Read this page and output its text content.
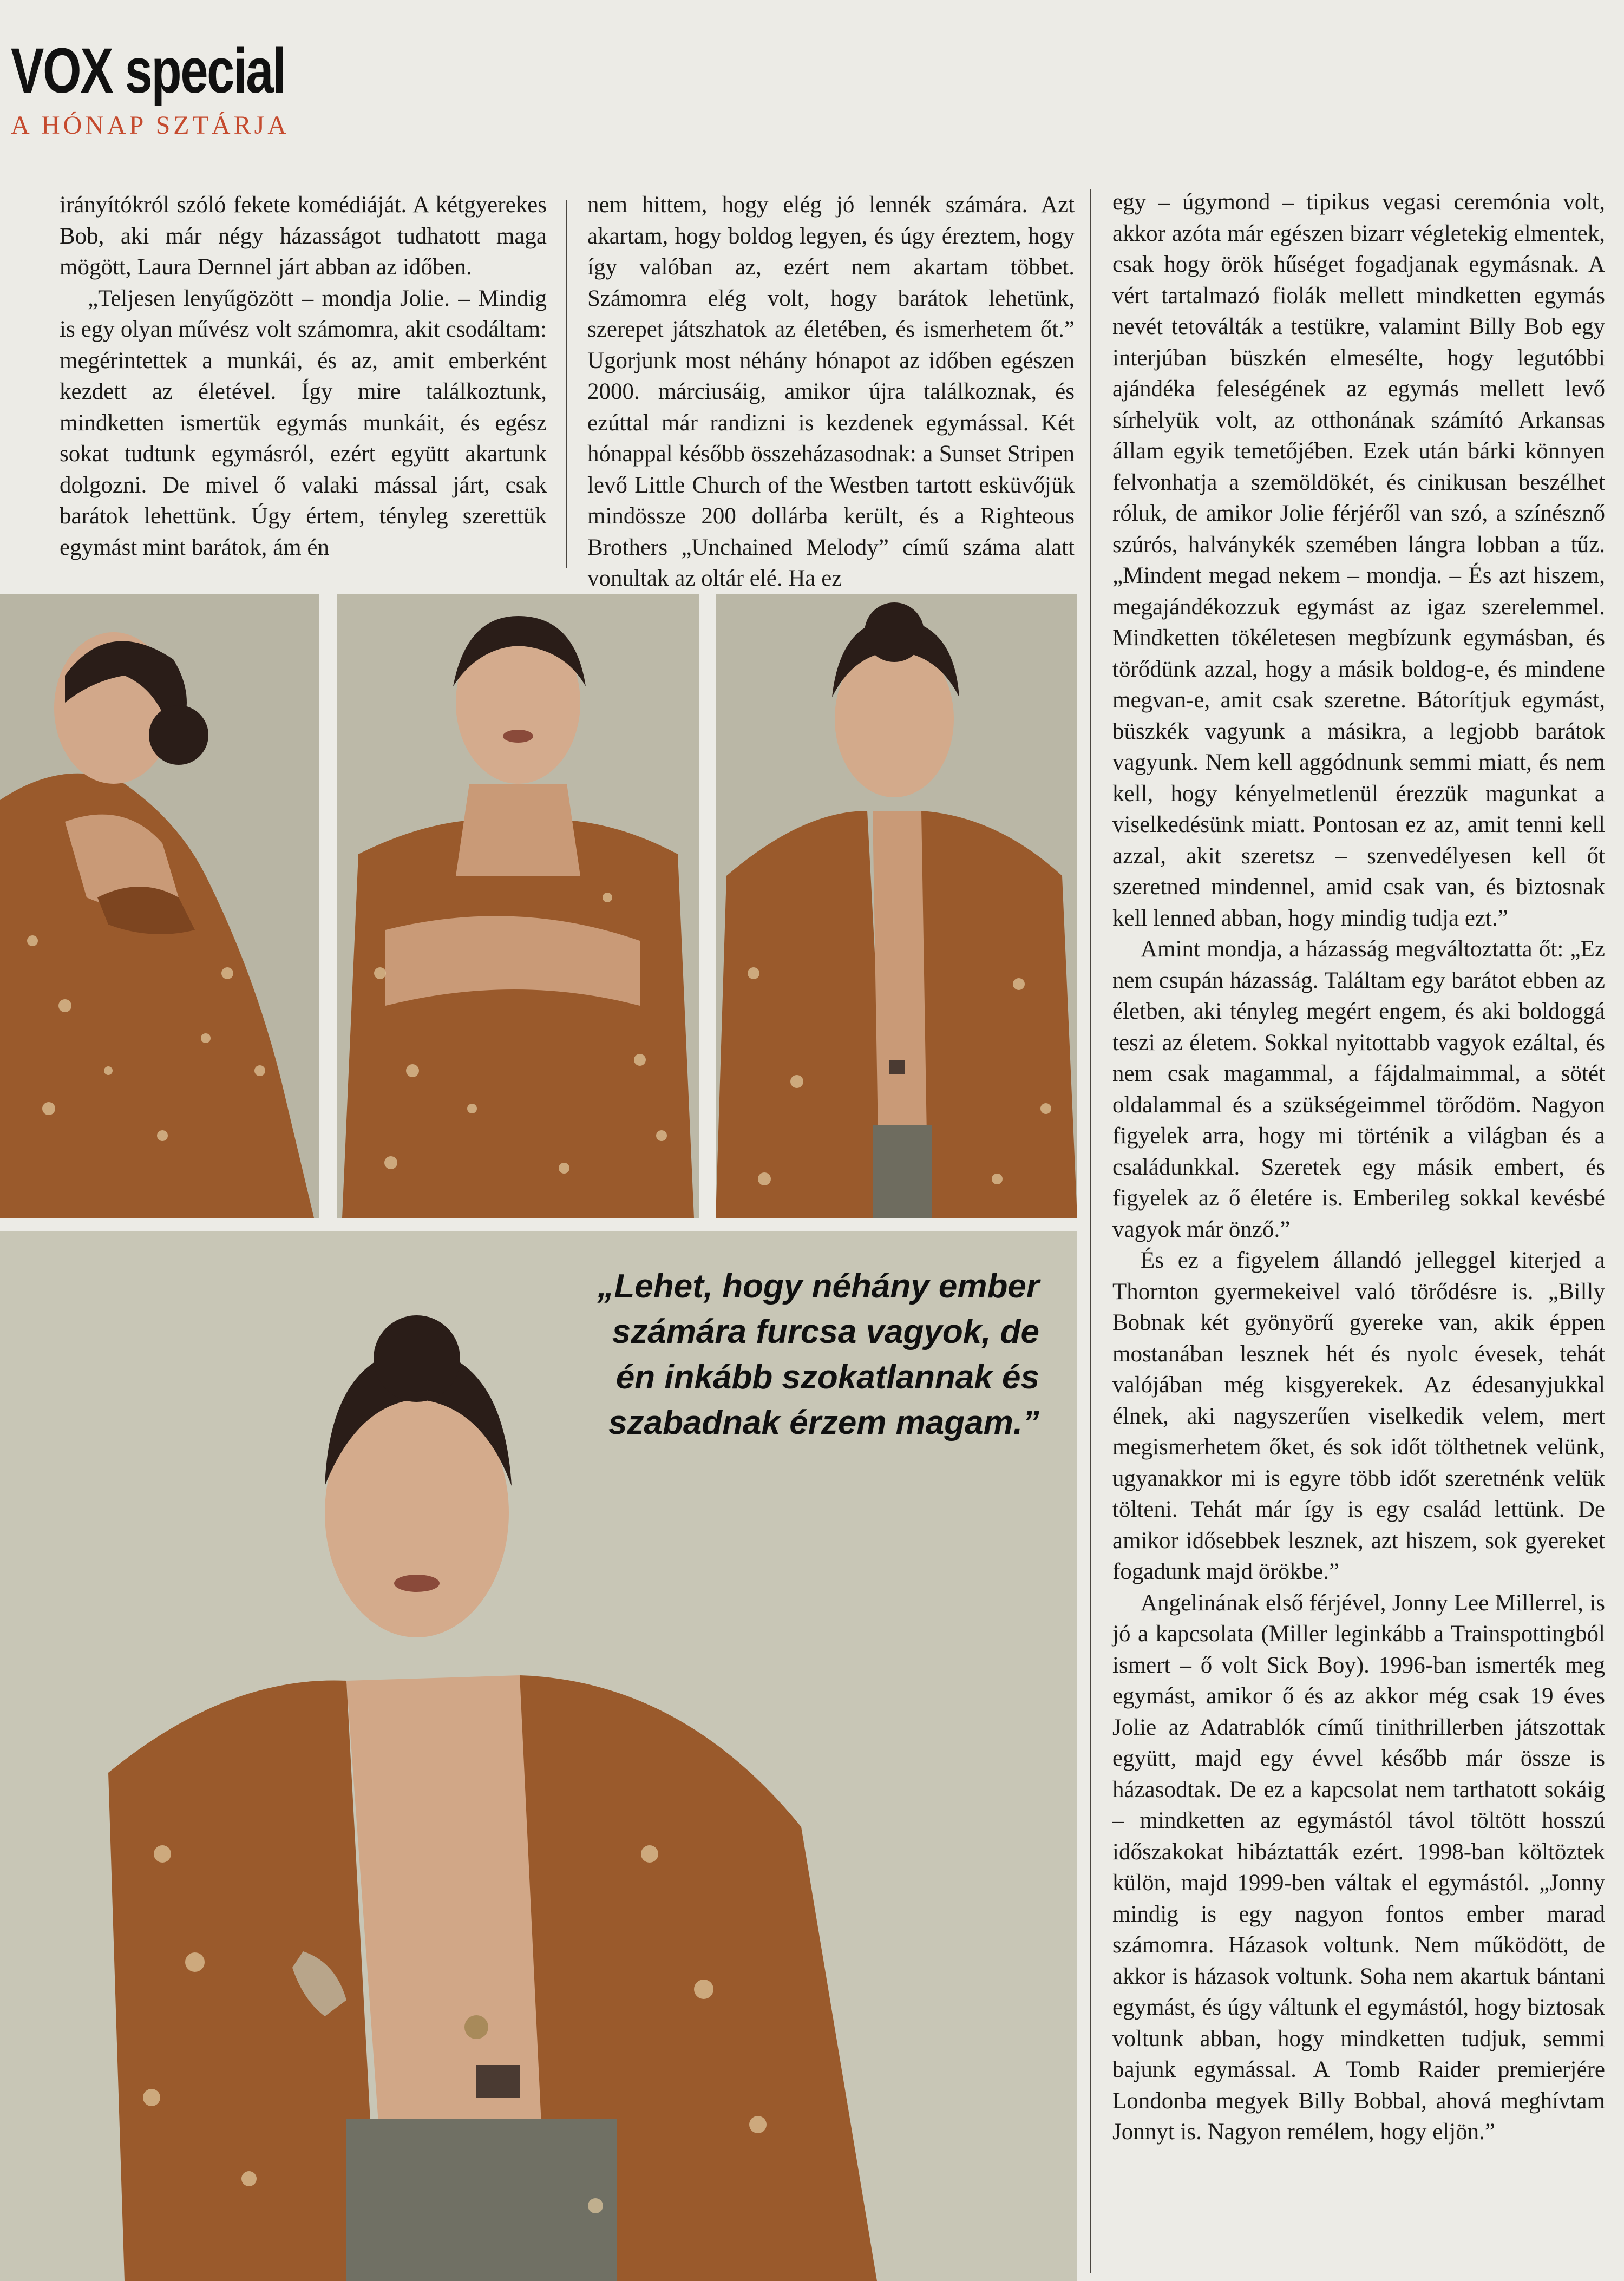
VOX special
A HÓNAP SZTÁRJA

irányítókról szóló fekete komédiáját. A kétgyerekes Bob, aki már négy házasságot tudhatott maga mögött, Laura Dernnel járt abban az időben.

„Teljesen lenyűgözött – mondja Jolie. – Mindig is egy olyan művész volt számomra, akit csodáltam: megérintettek a munkái, és az, amit emberként kezdett az életével. Így mire találkoztunk, mindketten ismertük egymás munkáit, és egész sokat tudtunk egymásról, ezért együtt akartunk dolgozni. De mivel ő valaki mással járt, csak barátok lehettünk. Úgy értem, tényleg szerettük egymást mint barátok, ám én

nem hittem, hogy elég jó lennék számára. Azt akartam, hogy boldog legyen, és úgy éreztem, hogy így valóban az, ezért nem akartam többet. Számomra elég volt, hogy barátok lehetünk, szerepet játszhatok az életében, és ismerhetem őt.” Ugorjunk most néhány hónapot az időben egészen 2000. márciusáig, amikor újra találkoznak, és ezúttal már randizni is kezdenek egymással. Két hónappal később összeházasodnak: a Sunset Stripen levő Little Church of the Westben tartott esküvőjük mindössze 200 dollárba került, és a Righteous Brothers „Unchained Melody” című száma alatt vonultak az oltár elé. Ha ez

egy – úgymond – tipikus vegasi ceremónia volt, akkor azóta már egészen bizarr végletekig elmentek, csak hogy örök hűséget fogadjanak egymásnak. A vért tartalmazó fiolák mellett mindketten egymás nevét tetoválták a testükre, valamint Billy Bob egy interjúban büszkén elmesélte, hogy legutóbbi ajándéka feleségének az egymás mellett levő sírhelyük volt, az otthonának számító Arkansas állam egyik temetőjében. Ezek után bárki könnyen felvonhatja a szemöldökét, és cinikusan beszélhet róluk, de amikor Jolie férjéről van szó, a színésznő szúrós, halványkék szemében lángra lobban a tűz. „Mindent megad nekem – mondja. – És azt hiszem, megajándékozzuk egymást az igaz szerelemmel. Mindketten tökéletesen megbízunk egymásban, és törődünk azzal, hogy a másik boldog-e, és mindene megvan-e, amit csak szeretne. Bátorítjuk egymást, büszkék vagyunk a másikra, a legjobb barátok vagyunk. Nem kell aggódnunk semmi miatt, és nem kell, hogy kényelmetlenül érezzük magunkat a viselkedésünk miatt. Pontosan ez az, amit tenni kell azzal, akit szeretsz – szenvedélyesen kell őt szeretned mindennel, amid csak van, és biztosnak kell lenned abban, hogy mindig tudja ezt.”

Amint mondja, a házasság megváltoztatta őt: „Ez nem csupán házasság. Találtam egy barátot ebben az életben, aki tényleg megért engem, és aki boldoggá teszi az életem. Sokkal nyitottabb vagyok ezáltal, és nem csak magammal, a fájdalmaimmal, a sötét oldalammal és a szükségeimmel törődöm. Nagyon figyelek arra, hogy mi történik a világban és a családunkkal. Szeretek egy másik embert, és figyelek az ő életére is. Emberileg sokkal kevésbé vagyok már önző.”

És ez a figyelem állandó jelleggel kiterjed a Thornton gyermekeivel való törődésre is. „Billy Bobnak két gyönyörű gyereke van, akik éppen mostanában lesznek hét és nyolc évesek, tehát valójában még kisgyerekek. Az édesanyjukkal élnek, aki nagyszerűen viselkedik velem, mert megismerhetem őket, és sok időt tölthetnek velünk, ugyanakkor mi is egyre több időt szeretnénk velük tölteni. Tehát már így is egy család lettünk. De amikor idősebbek lesznek, azt hiszem, sok gyereket fogadunk majd örökbe.”

Angelinának első férjével, Jonny Lee Millerrel, is jó a kapcsolata (Miller leginkább a Trainspottingból ismert – ő volt Sick Boy). 1996-ban ismerték meg egymást, amikor ő és az akkor még csak 19 éves Jolie az Adatrablók című tinithrillerben játszottak együtt, majd egy évvel később már össze is házasodtak. De ez a kapcsolat nem tarthatott sokáig – mindketten az egymástól távol töltött hosszú időszakokat hibáztatták ezért. 1998-ban költöztek külön, majd 1999-ben váltak el egymástól. „Jonny mindig is egy nagyon fontos ember marad számomra. Házasok voltunk. Nem működött, de akkor is házasok voltunk. Soha nem akartuk bántani egymást, és úgy váltunk el egymástól, hogy biztosak voltunk abban, hogy mindketten tudjuk, semmi bajunk egymással. A Tomb Raider premierjére Londonba megyek Billy Bobbal, ahová meghívtam Jonnyt is. Nagyon remélem, hogy eljön.”

„Lehet, hogy néhány ember számára furcsa vagyok, de én inkább szokatlannak és szabadnak érzem magam.”
